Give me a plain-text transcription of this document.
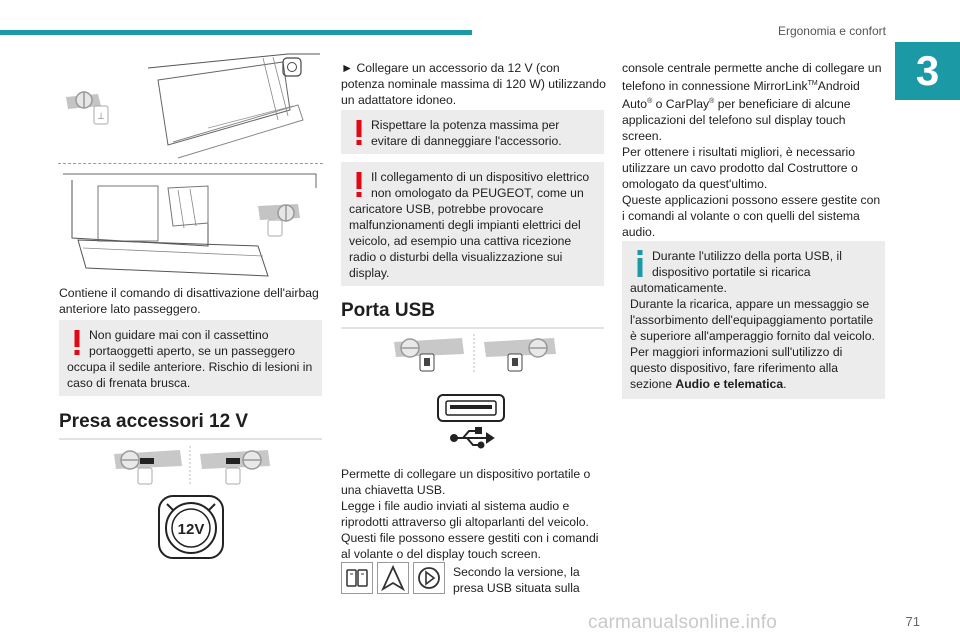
Ergonomia e confort
3
⊥
Contiene il comando di disattivazione dell'airbag
anteriore lato passeggero.
Non guidare mai con il cassettino
portaoggetti aperto, se un passeggero
occupa il sedile anteriore. Rischio di lesioni in
caso di frenata brusca.
Presa accessori 12 V
12V
► Collegare un accessorio da 12 V (con
potenza nominale massima di 120 W) utilizzando
un adattatore idoneo.
Rispettare la potenza massima per
evitare di danneggiare l'accessorio.
Il collegamento di un dispositivo elettrico
non omologato da PEUGEOT, come un
caricatore USB, potrebbe provocare
malfunzionamenti degli impianti elettrici del
veicolo, ad esempio una cattiva ricezione
radio o disturbi della visualizzazione sui
display.
Porta USB
Permette di collegare un dispositivo portatile o
una chiavetta USB.
Legge i file audio inviati al sistema audio e
riprodotti attraverso gli altoparlanti del veicolo.
Questi file possono essere gestiti con i comandi
al volante o del display touch screen.
Secondo la versione, la
presa USB situata sulla
console centrale permette anche di collegare un
telefono in connessione MirrorLink™Android
Auto® o CarPlay® per beneficiare di alcune
applicazioni del telefono sul display touch
screen.
Per ottenere i risultati migliori, è necessario
utilizzare un cavo prodotto dal Costruttore o
omologato da quest'ultimo.
Queste applicazioni possono essere gestite con
i comandi al volante o con quelli del sistema
audio.
Durante l'utilizzo della porta USB, il
dispositivo portatile si ricarica
automaticamente.
Durante la ricarica, appare un messaggio se
l'assorbimento dell'equipaggiamento portatile
è superiore all'amperaggio fornito dal veicolo.
Per maggiori informazioni sull'utilizzo di
questo dispositivo, fare riferimento alla
sezione Audio e telematica.
carmanualsonline.info	71
